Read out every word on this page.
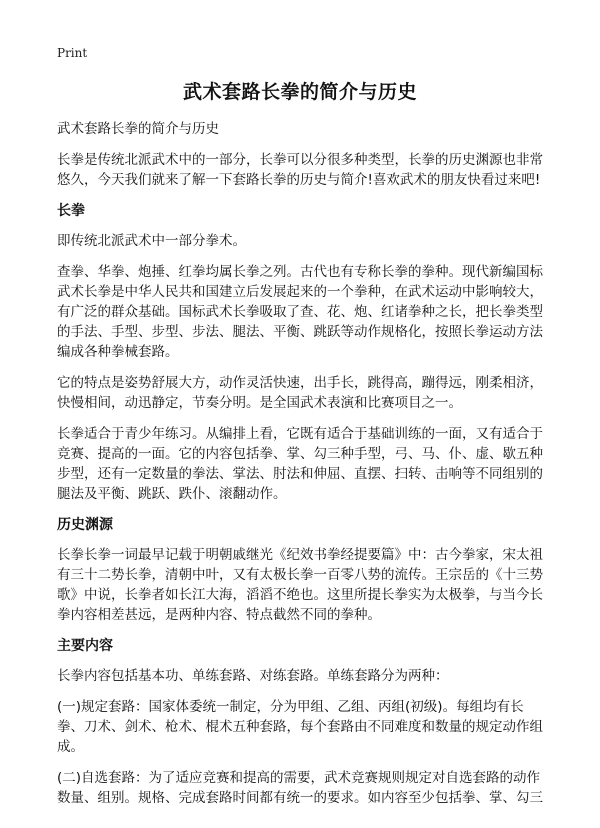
Print
武术套路长拳的简介与历史
武术套路长拳的简介与历史

长拳是传统北派武术中的一部分，长拳可以分很多种类型，长拳的历史渊源也非常悠久，今天我们就来了解一下套路长拳的历史与简介!喜欢武术的朋友快看过来吧!

长拳

即传统北派武术中一部分拳术。

查拳、华拳、炮捶、红拳均属长拳之列。古代也有专称长拳的拳种。现代新编国标武术长拳是中华人民共和国建立后发展起来的一个拳种，在武术运动中影响较大，有广泛的群众基础。国标武术长拳吸取了查、花、炮、红诸拳种之长，把长拳类型的手法、手型、步型、步法、腿法、平衡、跳跃等动作规格化，按照长拳运动方法编成各种拳械套路。

它的特点是姿势舒展大方，动作灵活快速，出手长，跳得高，蹦得远，刚柔相济，快慢相间，动迅静定，节奏分明。是全国武术表演和比赛项目之一。

长拳适合于青少年练习。从编排上看，它既有适合于基础训练的一面，又有适合于竞赛、提高的一面。它的内容包括拳、掌、勾三种手型，弓、马、仆、虚、歇五种步型，还有一定数量的拳法、掌法、肘法和伸屈、直摆、扫转、击响等不同组别的腿法及平衡、跳跃、跌仆、滚翻动作。

历史渊源

长拳长拳一词最早记载于明朝戚继光《纪效书拳经提要篇》中：古今拳家，宋太祖有三十二势长拳，清朝中叶，又有太极长拳一百零八势的流传。王宗岳的《十三势歌》中说，长拳者如长江大海，滔滔不绝也。这里所提长拳实为太极拳，与当今长拳内容相差甚远，是两种内容、特点截然不同的拳种。

主要内容

长拳内容包括基本功、单练套路、对练套路。单练套路分为两种：

(一)规定套路：国家体委统一制定，分为甲组、乙组、丙组(初级)。每组均有长拳、刀术、剑术、枪术、棍术五种套路，每个套路由不同难度和数量的规定动作组成。

(二)自选套路：为了适应竞赛和提高的需要，武术竞赛规则规定对自选套路的动作数量、组别。规格、完成套路时间都有统一的要求。如内容至少包括拳、掌、勾三
